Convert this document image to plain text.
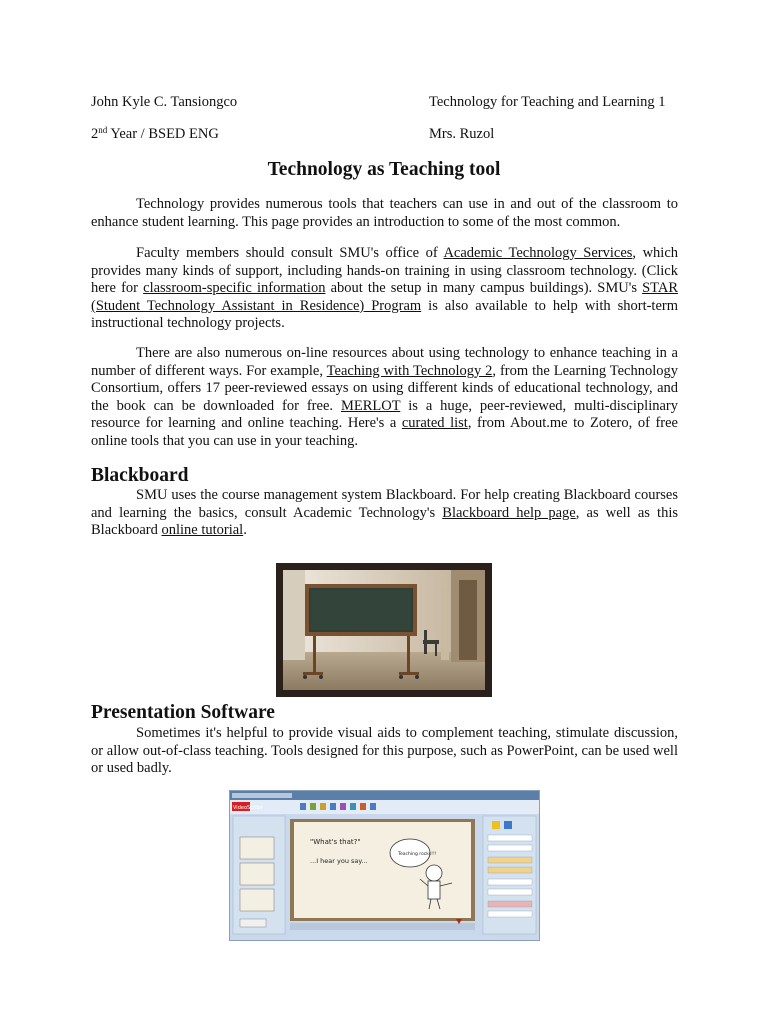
John Kyle C. Tansiongco	Technology for Teaching and Learning 1
2nd Year / BSED ENG	Mrs. Ruzol
Technology as Teaching tool

Technology provides numerous tools that teachers can use in and out of the classroom to enhance student learning. This page provides an introduction to some of the most common.

Faculty members should consult SMU's office of Academic Technology Services, which provides many kinds of support, including hands-on training in using classroom technology. (Click here for classroom-specific information about the setup in many campus buildings). SMU's STAR (Student Technology Assistant in Residence) Program is also available to help with short-term instructional technology projects.

There are also numerous on-line resources about using technology to enhance teaching in a number of different ways. For example, Teaching with Technology 2, from the Learning Technology Consortium, offers 17 peer-reviewed essays on using different kinds of educational technology, and the book can be downloaded for free. MERLOT is a huge, peer-reviewed, multi-disciplinary resource for learning and online teaching. Here's a curated list, from About.me to Zotero, of free online tools that you can use in your teaching.

Blackboard

SMU uses the course management system Blackboard. For help creating Blackboard courses and learning the basics, consult Academic Technology's Blackboard help page, as well as this Blackboard online tutorial.

Presentation Software

Sometimes it's helpful to provide visual aids to complement teaching, stimulate discussion, or allow out-of-class teaching. Tools designed for this purpose, such as PowerPoint, can be used well or used badly.

VideoScribe
"What's that?"
...I hear you say...
Teaching rocks!!!
